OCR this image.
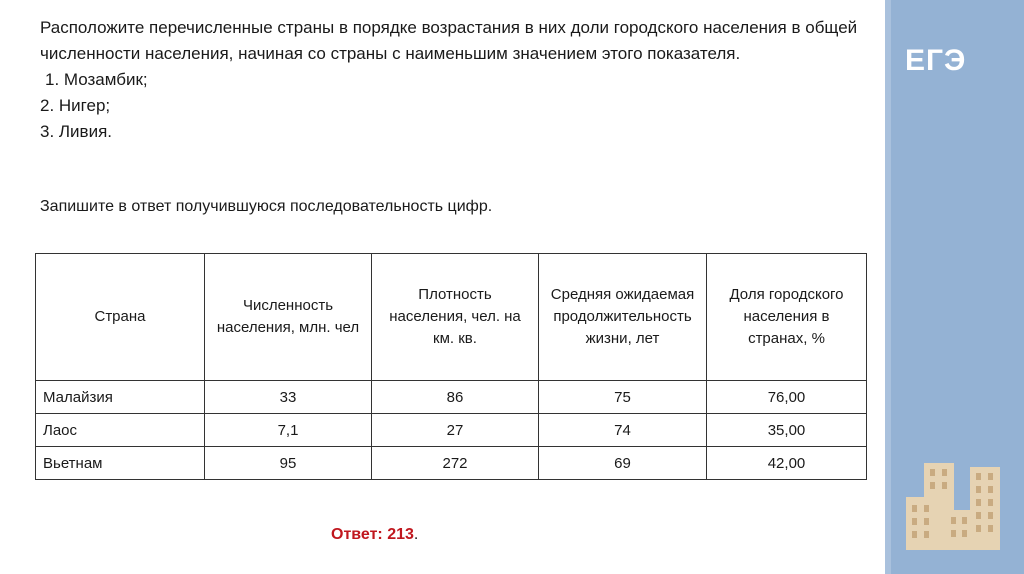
Расположите перечисленные страны в порядке возрастания в них доли городского населения в общей численности населения, начиная со страны с наименьшим значением этого показателя.

1. Мозамбик;
2. Нигер;
3. Ливия.
Запишите в ответ получившуюся последовательность цифр.
Страна	Численность населения, млн. чел	Плотность населения, чел. на км. кв.	Средняя ожидаемая продолжительность жизни, лет	Доля городского населения в странах, %
Малайзия	33	86	75	76,00
Лаос	7,1	27	74	35,00
Вьетнам	95	272	69	42,00
Ответ: 213.
ЕГЭ
